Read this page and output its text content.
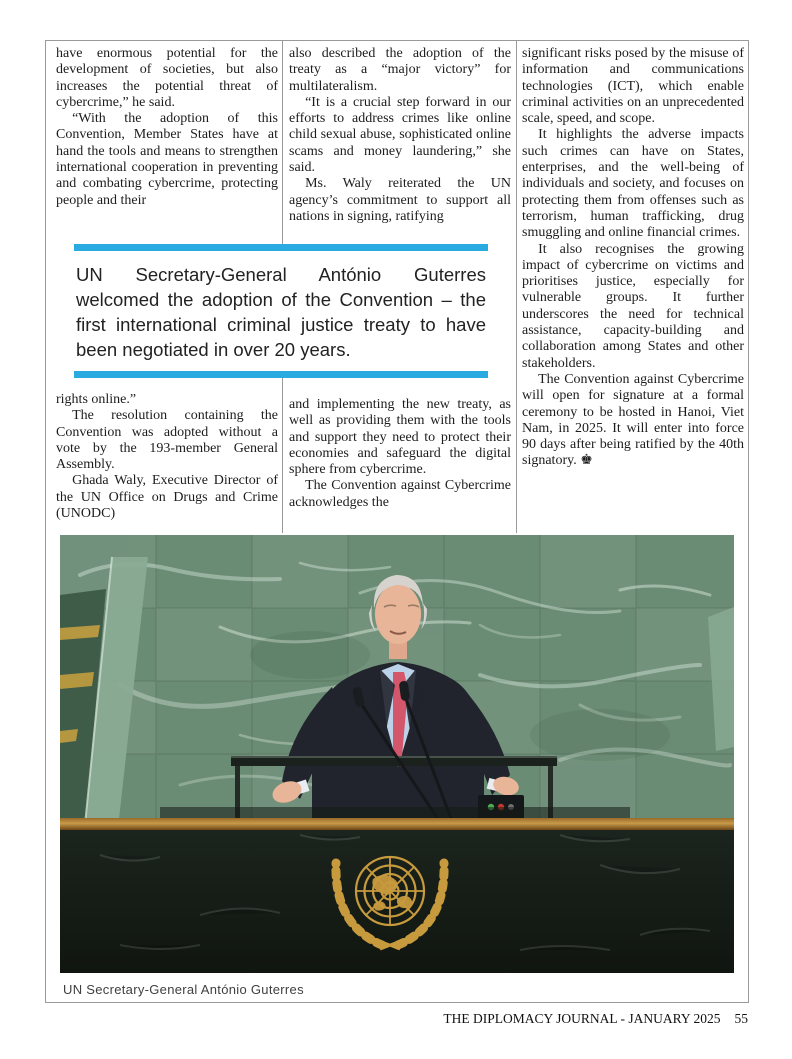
have enormous potential for the development of societies, but also increases the potential threat of cybercrime,” he said.

“With the adoption of this Convention, Member States have at hand the tools and means to strengthen international cooperation in preventing and combating cybercrime, protecting people and their

also described the adoption of the treaty as a “major victory” for multilateralism.

“It is a crucial step forward in our efforts to address crimes like online child sexual abuse, sophisticated online scams and money laundering,” she said.

Ms. Waly reiterated the UN agency’s commitment to support all nations in signing, ratifying

significant risks posed by the misuse of information and communications technologies (ICT), which enable criminal activities on an unprecedented scale, speed, and scope.

It highlights the adverse impacts such crimes can have on States, enterprises, and the well-being of individuals and society, and focuses on protecting them from offenses such as terrorism, human trafficking, drug smuggling and online financial crimes.

It also recognises the growing impact of cybercrime on victims and prioritises justice, especially for vulnerable groups. It further underscores the need for technical assistance, capacity-building and collaboration among States and other stakeholders.

The Convention against Cybercrime will open for signature at a formal ceremony to be hosted in Hanoi, Viet Nam, in 2025. It will enter into force 90 days after being ratified by the 40th signatory. ♚

rights online.”

The resolution containing the Convention was adopted without a vote by the 193-member General Assembly.

Ghada Waly, Executive Director of the UN Office on Drugs and Crime (UNODC)

and implementing the new treaty, as well as providing them with the tools and support they need to protect their economies and safeguard the digital sphere from cybercrime.

The Convention against Cybercrime acknowledges the

UN Secretary-General António Guterres welcomed the adoption of the Convention – the first international criminal justice treaty to have been negotiated in over 20 years.
UN Secretary-General António Guterres
THE DIPLOMACY JOURNAL - JANUARY 2025 55
